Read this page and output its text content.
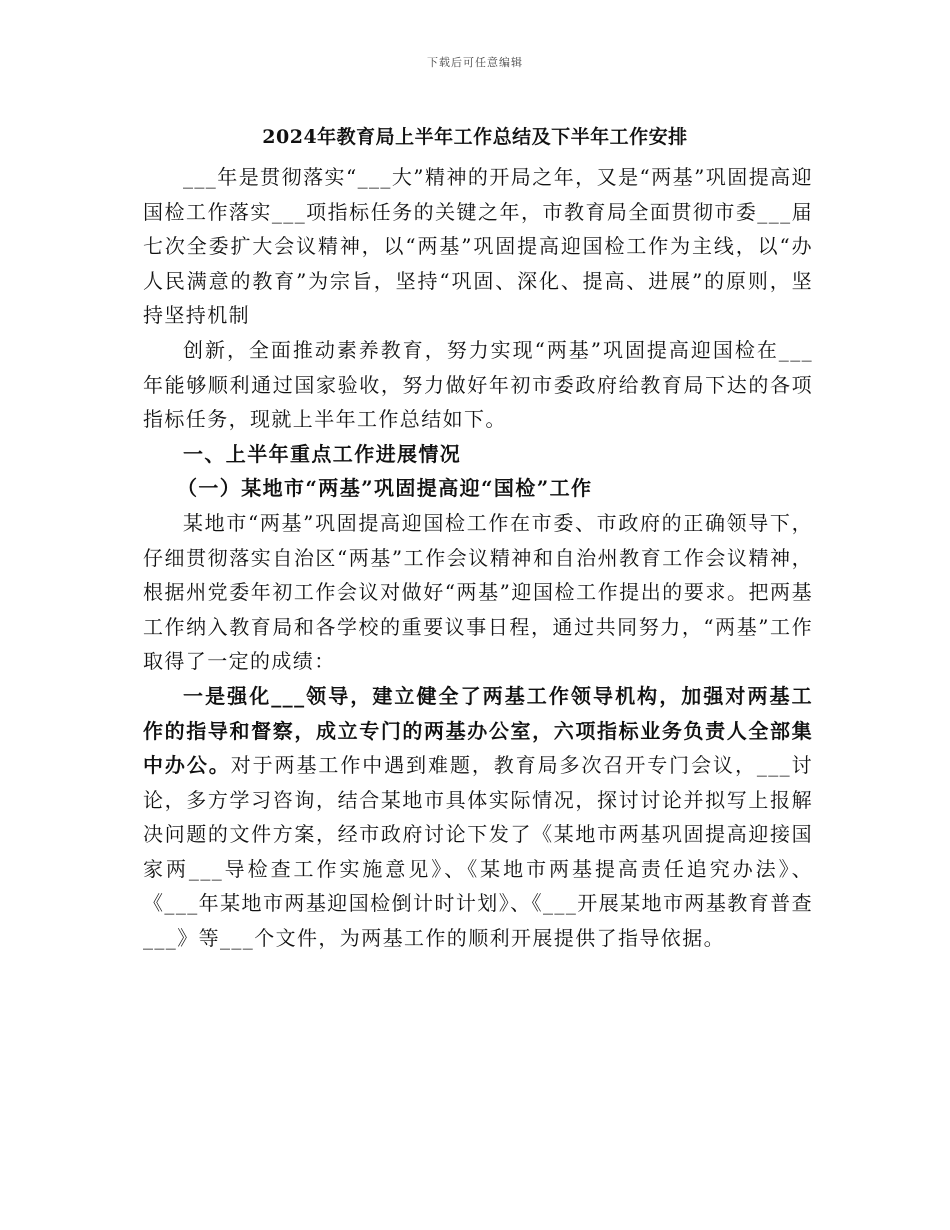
下载后可任意编辑
2024年教育局上半年工作总结及下半年工作安排

___年是贯彻落实“___大”精神的开局之年，又是“两基”巩固提高迎国检工作落实___项指标任务的关键之年，市教育局全面贯彻市委___届七次全委扩大会议精神，以“两基”巩固提高迎国检工作为主线，以“办人民满意的教育”为宗旨，坚持“巩固、深化、提高、进展”的原则，坚持坚持机制

创新，全面推动素养教育，努力实现“两基”巩固提高迎国检在___年能够顺利通过国家验收，努力做好年初市委政府给教育局下达的各项指标任务，现就上半年工作总结如下。

一、上半年重点工作进展情况

（一）某地市“两基”巩固提高迎“国检”工作

某地市“两基”巩固提高迎国检工作在市委、市政府的正确领导下，仔细贯彻落实自治区“两基”工作会议精神和自治州教育工作会议精神，根据州党委年初工作会议对做好“两基”迎国检工作提出的要求。把两基工作纳入教育局和各学校的重要议事日程，通过共同努力，“两基”工作取得了一定的成绩：

一是强化___领导，建立健全了两基工作领导机构，加强对两基工作的指导和督察，成立专门的两基办公室，六项指标业务负责人全部集中办公。对于两基工作中遇到难题，教育局多次召开专门会议，___讨论，多方学习咨询，结合某地市具体实际情况，探讨讨论并拟写上报解决问题的文件方案，经市政府讨论下发了《某地市两基巩固提高迎接国家两___导检查工作实施意见》、《某地市两基提高责任追究办法》、《___年某地市两基迎国检倒计时计划》、《___开展某地市两基教育普查___》等___个文件，为两基工作的顺利开展提供了指导依据。
